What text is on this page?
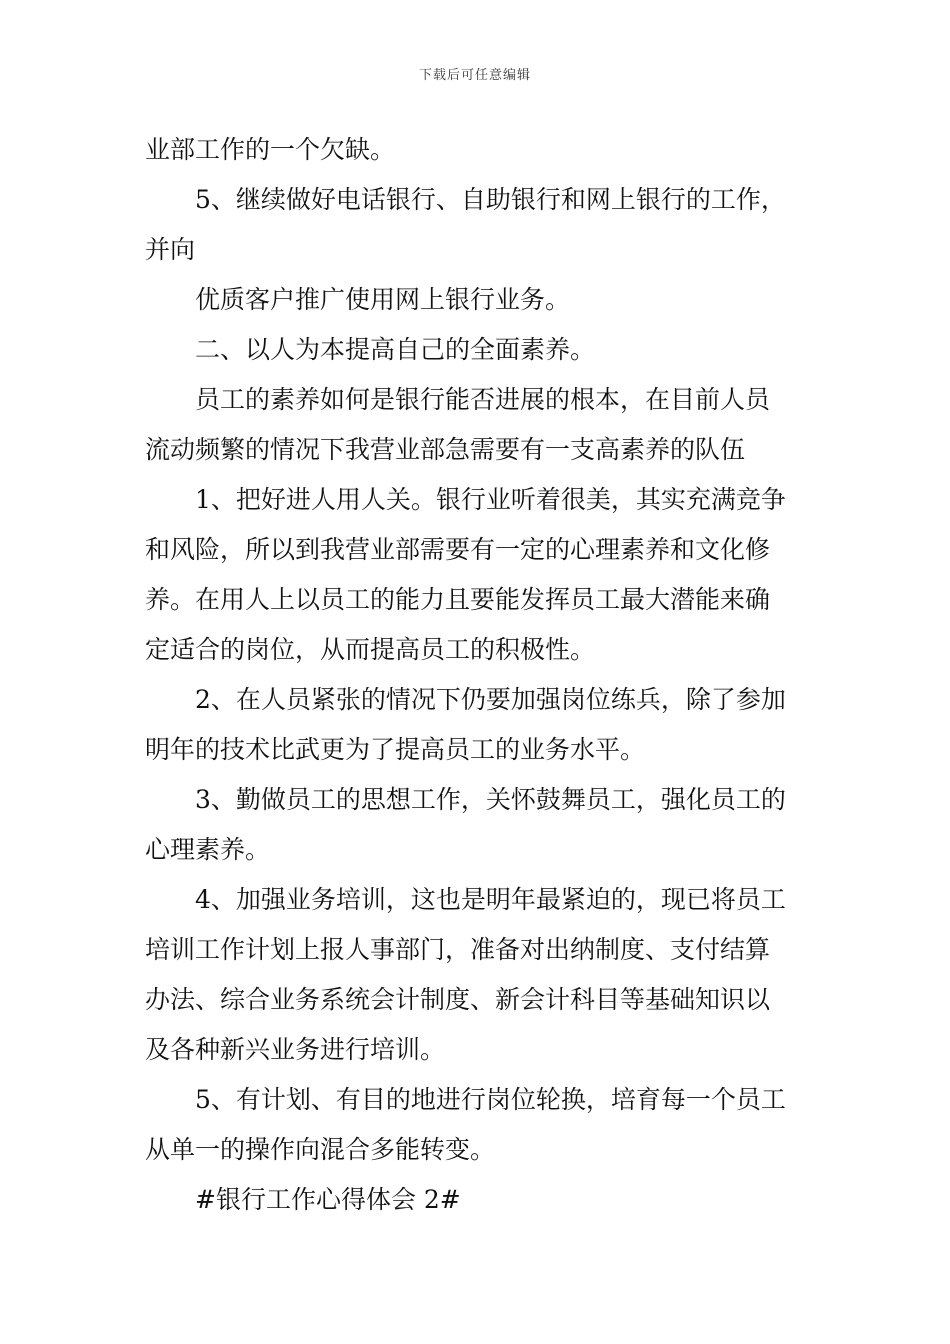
下载后可任意编辑
业部工作的一个欠缺。
5、继续做好电话银行、自助银行和网上银行的工作，
并向
优质客户推广使用网上银行业务。
二、以人为本提高自己的全面素养。
员工的素养如何是银行能否进展的根本，在目前人员
流动频繁的情况下我营业部急需要有一支高素养的队伍
1、把好进人用人关。银行业听着很美，其实充满竞争
和风险，所以到我营业部需要有一定的心理素养和文化修
养。在用人上以员工的能力且要能发挥员工最大潜能来确
定适合的岗位，从而提高员工的积极性。
2、在人员紧张的情况下仍要加强岗位练兵，除了参加
明年的技术比武更为了提高员工的业务水平。
3、勤做员工的思想工作，关怀鼓舞员工，强化员工的
心理素养。
4、加强业务培训，这也是明年最紧迫的，现已将员工
培训工作计划上报人事部门，准备对出纳制度、支付结算
办法、综合业务系统会计制度、新会计科目等基础知识以
及各种新兴业务进行培训。
5、有计划、有目的地进行岗位轮换，培育每一个员工
从单一的操作向混合多能转变。
#银行工作心得体会 2#
